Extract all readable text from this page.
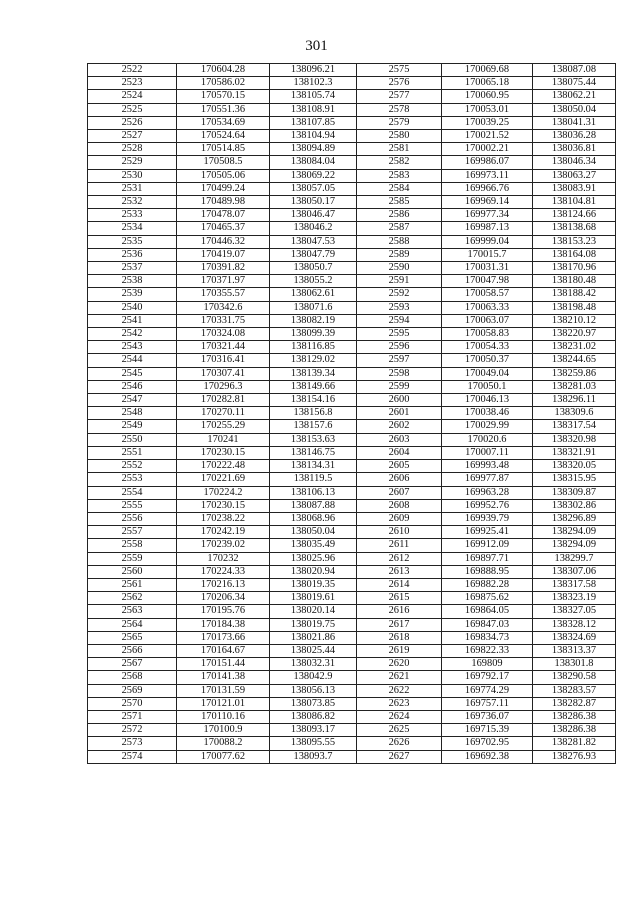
301
2522	170604.28	138096.21	2575	170069.68	138087.08
2523	170586.02	138102.3	2576	170065.18	138075.44
2524	170570.15	138105.74	2577	170060.95	138062.21
2525	170551.36	138108.91	2578	170053.01	138050.04
2526	170534.69	138107.85	2579	170039.25	138041.31
2527	170524.64	138104.94	2580	170021.52	138036.28
2528	170514.85	138094.89	2581	170002.21	138036.81
2529	170508.5	138084.04	2582	169986.07	138046.34
2530	170505.06	138069.22	2583	169973.11	138063.27
2531	170499.24	138057.05	2584	169966.76	138083.91
2532	170489.98	138050.17	2585	169969.14	138104.81
2533	170478.07	138046.47	2586	169977.34	138124.66
2534	170465.37	138046.2	2587	169987.13	138138.68
2535	170446.32	138047.53	2588	169999.04	138153.23
2536	170419.07	138047.79	2589	170015.7	138164.08
2537	170391.82	138050.7	2590	170031.31	138170.96
2538	170371.97	138055.2	2591	170047.98	138180.48
2539	170355.57	138062.61	2592	170058.57	138188.42
2540	170342.6	138071.6	2593	170063.33	138198.48
2541	170331.75	138082.19	2594	170063.07	138210.12
2542	170324.08	138099.39	2595	170058.83	138220.97
2543	170321.44	138116.85	2596	170054.33	138231.02
2544	170316.41	138129.02	2597	170050.37	138244.65
2545	170307.41	138139.34	2598	170049.04	138259.86
2546	170296.3	138149.66	2599	170050.1	138281.03
2547	170282.81	138154.16	2600	170046.13	138296.11
2548	170270.11	138156.8	2601	170038.46	138309.6
2549	170255.29	138157.6	2602	170029.99	138317.54
2550	170241	138153.63	2603	170020.6	138320.98
2551	170230.15	138146.75	2604	170007.11	138321.91
2552	170222.48	138134.31	2605	169993.48	138320.05
2553	170221.69	138119.5	2606	169977.87	138315.95
2554	170224.2	138106.13	2607	169963.28	138309.87
2555	170230.15	138087.88	2608	169952.76	138302.86
2556	170238.22	138068.96	2609	169939.79	138296.89
2557	170242.19	138050.04	2610	169925.41	138294.09
2558	170239.02	138035.49	2611	169912.09	138294.09
2559	170232	138025.96	2612	169897.71	138299.7
2560	170224.33	138020.94	2613	169888.95	138307.06
2561	170216.13	138019.35	2614	169882.28	138317.58
2562	170206.34	138019.61	2615	169875.62	138323.19
2563	170195.76	138020.14	2616	169864.05	138327.05
2564	170184.38	138019.75	2617	169847.03	138328.12
2565	170173.66	138021.86	2618	169834.73	138324.69
2566	170164.67	138025.44	2619	169822.33	138313.37
2567	170151.44	138032.31	2620	169809	138301.8
2568	170141.38	138042.9	2621	169792.17	138290.58
2569	170131.59	138056.13	2622	169774.29	138283.57
2570	170121.01	138073.85	2623	169757.11	138282.87
2571	170110.16	138086.82	2624	169736.07	138286.38
2572	170100.9	138093.17	2625	169715.39	138286.38
2573	170088.2	138095.55	2626	169702.95	138281.82
2574	170077.62	138093.7	2627	169692.38	138276.93
